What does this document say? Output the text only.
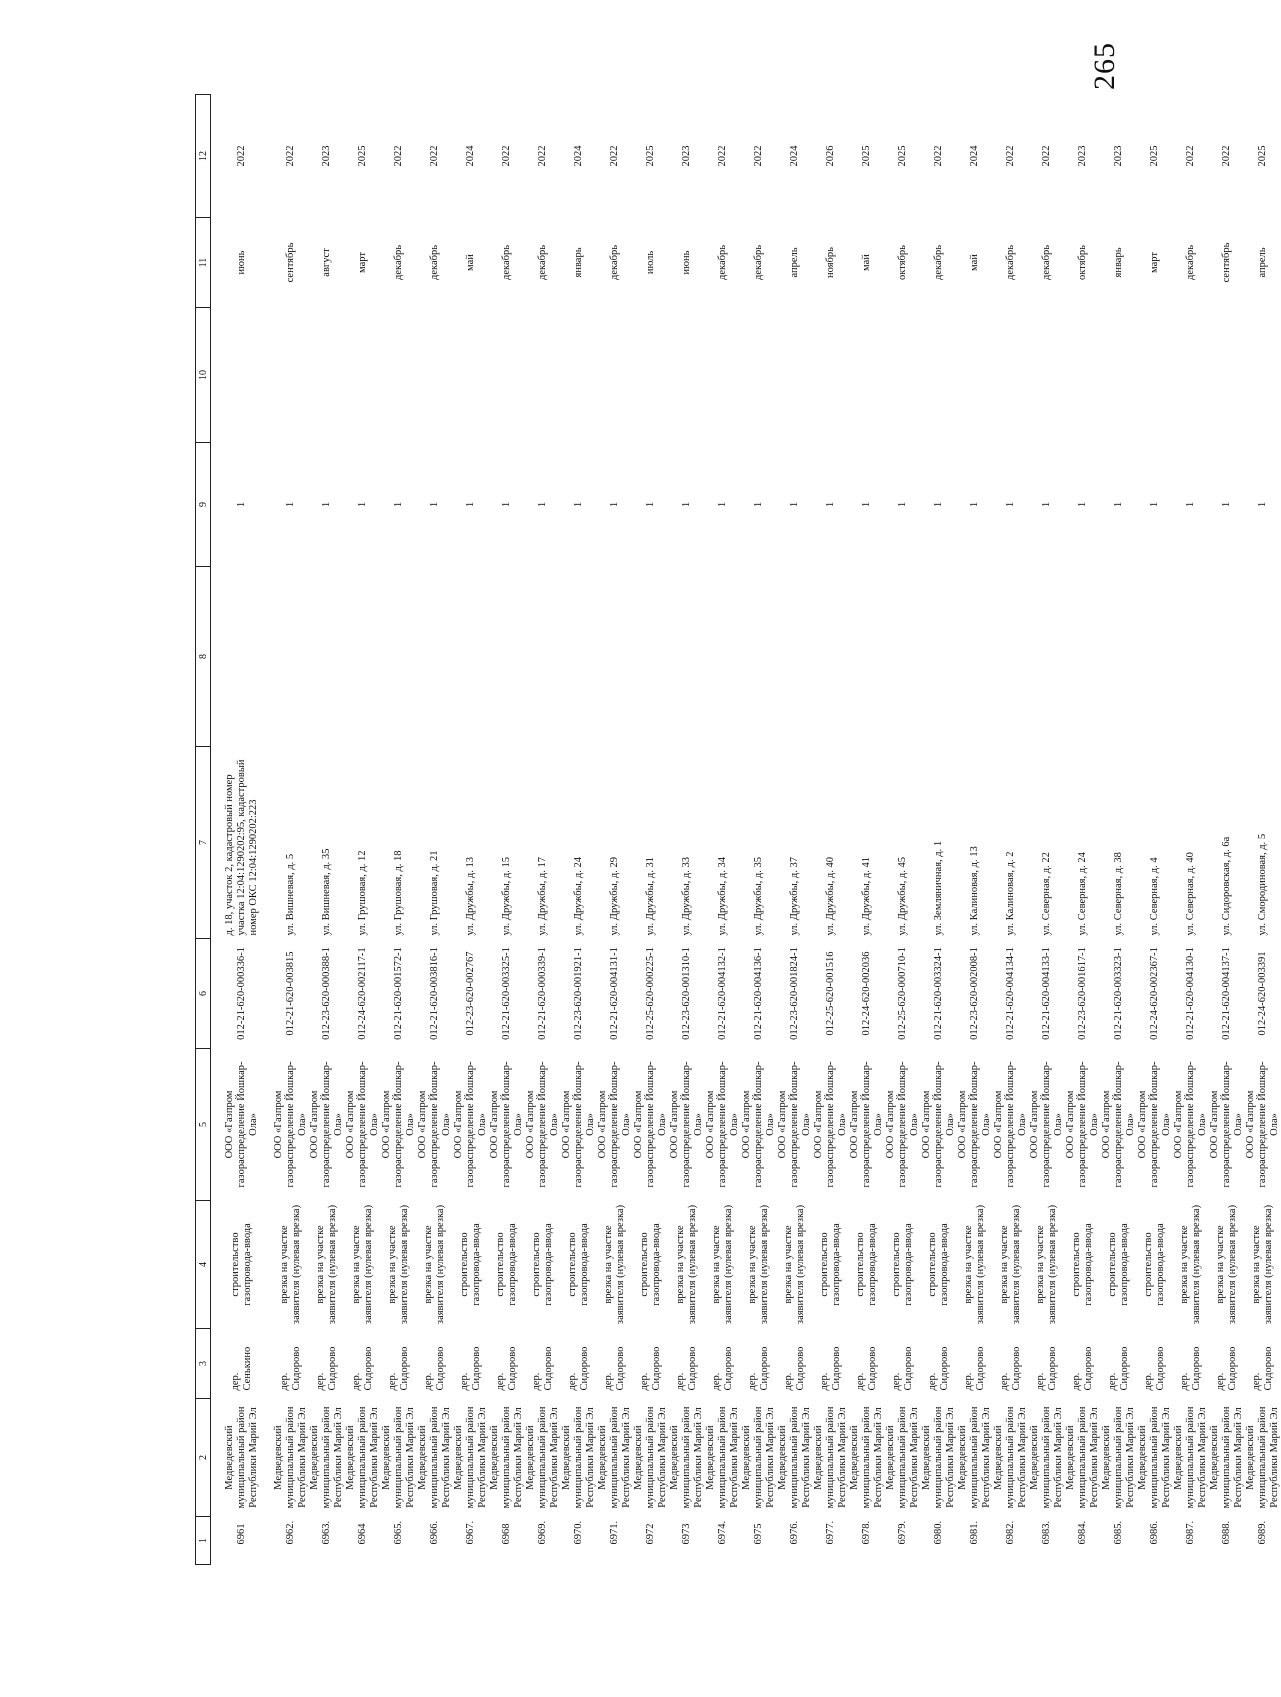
265
1	2	3	4	5	6	7	8	9	10	11	12
6961	Медведевский муниципальный район Республики Марий Эл	дер. Сенькино	строительство газопровода-ввода	ООО «Газпром газораспределение Йошкар-Ола»	012-21-620-000336-1	д. 18, участок 2, кадастровый номер участка 12:04:1290202:95, кадастровый номер ОКС 12:04:1290202:223		1		июнь	2022
6962.	Медведевский муниципальный район Республики Марий Эл	дер. Сидорово	врезка на участке заявителя (нулевая врезка)	ООО «Газпром газораспределение Йошкар-Ола»	012-21-620-003815	ул. Вишневая, д. 5		1		сентябрь	2022
6963.	Медведевский муниципальный район Республики Марий Эл	дер. Сидорово	врезка на участке заявителя (нулевая врезка)	ООО «Газпром газораспределение Йошкар-Ола»	012-23-620-000388-1	ул. Вишневая, д. 35		1		август	2023
6964	Медведевский муниципальный район Республики Марий Эл	дер. Сидорово	врезка на участке заявителя (нулевая врезка)	ООО «Газпром газораспределение Йошкар-Ола»	012-24-620-002117-1	ул. Грушовая, д. 12		1		март	2025
6965.	Медведевский муниципальный район Республики Марий Эл	дер. Сидорово	врезка на участке заявителя (нулевая врезка)	ООО «Газпром газораспределение Йошкар-Ола»	012-21-620-001572-1	ул. Грушовая, д. 18		1		декабрь	2022
6966.	Медведевский муниципальный район Республики Марий Эл	дер. Сидорово	врезка на участке заявителя (нулевая врезка)	ООО «Газпром газораспределение Йошкар-Ола»	012-21-620-003816-1	ул. Грушовая, д. 21		1		декабрь	2022
6967.	Медведевский муниципальный район Республики Марий Эл	дер. Сидорово	строительство газопровода-ввода	ООО «Газпром газораспределение Йошкар-Ола»	012-23-620-002767	ул. Дружбы, д. 13		1		май	2024
6968	Медведевский муниципальный район Республики Марий Эл	дер. Сидорово	строительство газопровода-ввода	ООО «Газпром газораспределение Йошкар-Ола»	012-21-620-003325-1	ул. Дружбы, д. 15		1		декабрь	2022
6969.	Медведевский муниципальный район Республики Марий Эл	дер. Сидорово	строительство газопровода-ввода	ООО «Газпром газораспределение Йошкар-Ола»	012-21-620-000339-1	ул. Дружбы, д. 17		1		декабрь	2022
6970.	Медведевский муниципальный район Республики Марий Эл	дер. Сидорово	строительство газопровода-ввода	ООО «Газпром газораспределение Йошкар-Ола»	012-23-620-001921-1	ул. Дружбы, д. 24		1		январь	2024
6971.	Медведевский муниципальный район Республики Марий Эл	дер. Сидорово	врезка на участке заявителя (нулевая врезка)	ООО «Газпром газораспределение Йошкар-Ола»	012-21-620-004131-1	ул. Дружбы, д. 29		1		декабрь	2022
6972	Медведевский муниципальный район Республики Марий Эл	дер. Сидорово	строительство газопровода-ввода	ООО «Газпром газораспределение Йошкар-Ола»	012-25-620-000225-1	ул. Дружбы, д. 31		1		июль	2025
6973	Медведевский муниципальный район Республики Марий Эл	дер. Сидорово	врезка на участке заявителя (нулевая врезка)	ООО «Газпром газораспределение Йошкар-Ола»	012-23-620-001310-1	ул. Дружбы, д. 33		1		июнь	2023
6974.	Медведевский муниципальный район Республики Марий Эл	дер. Сидорово	врезка на участке заявителя (нулевая врезка)	ООО «Газпром газораспределение Йошкар-Ола»	012-21-620-004132-1	ул. Дружбы, д. 34		1		декабрь	2022
6975	Медведевский муниципальный район Республики Марий Эл	дер. Сидорово	врезка на участке заявителя (нулевая врезка)	ООО «Газпром газораспределение Йошкар-Ола»	012-21-620-004136-1	ул. Дружбы, д. 35		1		декабрь	2022
6976.	Медведевский муниципальный район Республики Марий Эл	дер. Сидорово	врезка на участке заявителя (нулевая врезка)	ООО «Газпром газораспределение Йошкар-Ола»	012-23-620-001824-1	ул. Дружбы, д. 37		1		апрель	2024
6977.	Медведевский муниципальный район Республики Марий Эл	дер. Сидорово	строительство газопровода-ввода	ООО «Газпром газораспределение Йошкар-Ола»	012-25-620-001516	ул. Дружбы, д. 40		1		ноябрь	2026
6978.	Медведевский муниципальный район Республики Марий Эл	дер. Сидорово	строительство газопровода-ввода	ООО «Газпром газораспределение Йошкар-Ола»	012-24-620-002036	ул. Дружбы, д. 41		1		май	2025
6979.	Медведевский муниципальный район Республики Марий Эл	дер. Сидорово	строительство газопровода-ввода	ООО «Газпром газораспределение Йошкар-Ола»	012-25-620-000710-1	ул. Дружбы, д. 45		1		октябрь	2025
6980.	Медведевский муниципальный район Республики Марий Эл	дер. Сидорово	строительство газопровода-ввода	ООО «Газпром газораспределение Йошкар-Ола»	012-21-620-003324-1	ул. Земляничная, д. 1		1		декабрь	2022
6981.	Медведевский муниципальный район Республики Марий Эл	дер. Сидорово	врезка на участке заявителя (нулевая врезка)	ООО «Газпром газораспределение Йошкар-Ола»	012-23-620-002008-1	ул. Калиновая, д. 13		1		май	2024
6982.	Медведевский муниципальный район Республики Марий Эл	дер. Сидорово	врезка на участке заявителя (нулевая врезка)	ООО «Газпром газораспределение Йошкар-Ола»	012-21-620-004134-1	ул. Калиновая, д. 2		1		декабрь	2022
6983.	Медведевский муниципальный район Республики Марий Эл	дер. Сидорово	врезка на участке заявителя (нулевая врезка)	ООО «Газпром газораспределение Йошкар-Ола»	012-21-620-004133-1	ул. Северная, д. 22		1		декабрь	2022
6984.	Медведевский муниципальный район Республики Марий Эл	дер. Сидорово	строительство газопровода-ввода	ООО «Газпром газораспределение Йошкар-Ола»	012-23-620-001617-1	ул. Северная, д. 24		1		октябрь	2023
6985.	Медведевский муниципальный район Республики Марий Эл	дер. Сидорово	строительство газопровода-ввода	ООО «Газпром газораспределение Йошкар-Ола»	012-21-620-003323-1	ул. Северная, д. 38		1		январь	2023
6986.	Медведевский муниципальный район Республики Марий Эл	дер. Сидорово	строительство газопровода-ввода	ООО «Газпром газораспределение Йошкар-Ола»	012-24-620-002367-1	ул. Северная, д. 4		1		март	2025
6987.	Медведевский муниципальный район Республики Марий Эл	дер. Сидорово	врезка на участке заявителя (нулевая врезка)	ООО «Газпром газораспределение Йошкар-Ола»	012-21-620-004130-1	ул. Северная, д. 40		1		декабрь	2022
6988.	Медведевский муниципальный район Республики Марий Эл	дер. Сидорово	врезка на участке заявителя (нулевая врезка)	ООО «Газпром газораспределение Йошкар-Ола»	012-21-620-004137-1	ул. Сидоровская, д. 6а		1		сентябрь	2022
6989.	Медведевский муниципальный район Республики Марий Эл	дер. Сидорово	врезка на участке заявителя (нулевая врезка)	ООО «Газпром газораспределение Йошкар-Ола»	012-24-620-003391	ул. Смородиновая, д. 5		1		апрель	2025
